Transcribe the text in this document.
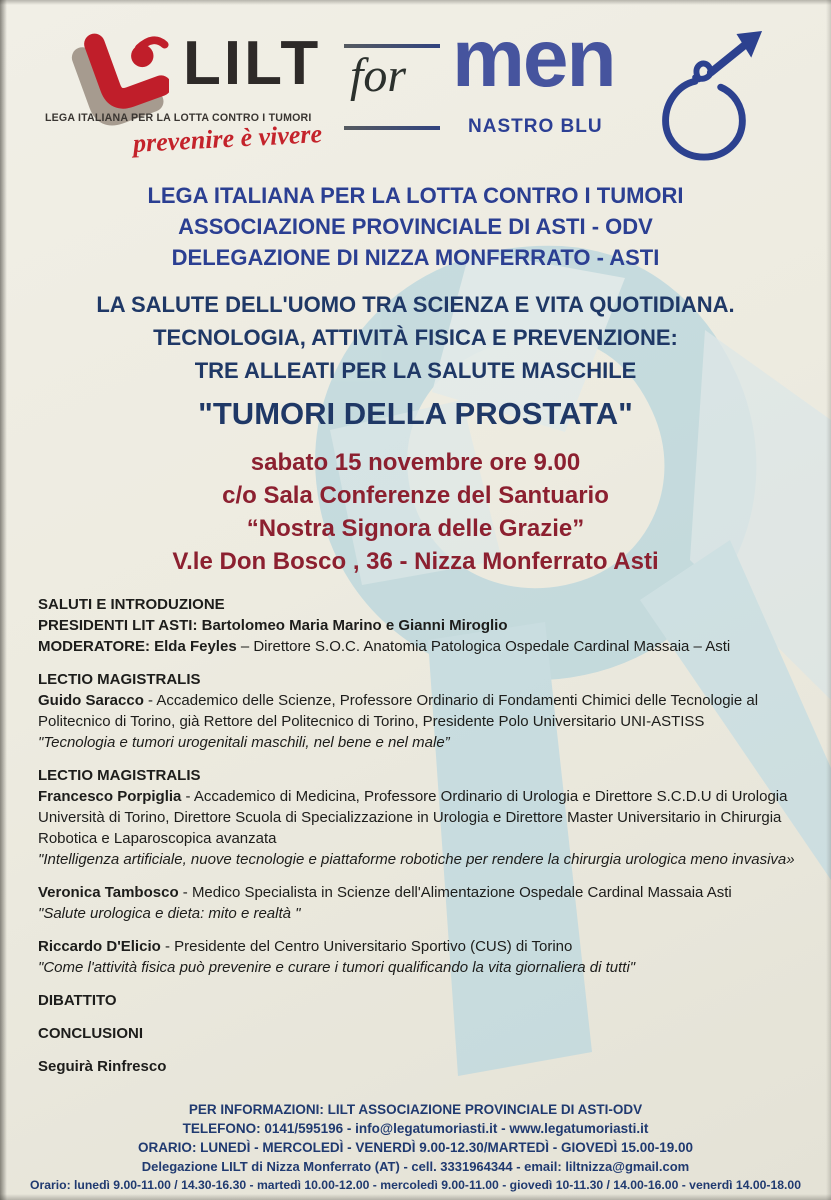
LILT
LEGA ITALIANA PER LA LOTTA CONTRO I TUMORI
prevenire è vivere
for men
NASTRO BLU

LEGA ITALIANA PER LA LOTTA CONTRO I TUMORI

ASSOCIAZIONE PROVINCIALE DI ASTI - ODV

DELEGAZIONE DI NIZZA MONFERRATO - ASTI

LA SALUTE DELL'UOMO TRA SCIENZA E VITA QUOTIDIANA.

TECNOLOGIA, ATTIVITÀ FISICA E PREVENZIONE:

TRE ALLEATI PER LA SALUTE MASCHILE

"TUMORI DELLA PROSTATA"

sabato 15 novembre ore 9.00

c/o Sala Conferenze del Santuario

“Nostra Signora delle Grazie”

V.le Don Bosco , 36 - Nizza Monferrato Asti

SALUTI E INTRODUZIONE

PRESIDENTI LIT ASTI: Bartolomeo Maria Marino e Gianni Miroglio

MODERATORE: Elda Feyles – Direttore S.O.C. Anatomia Patologica Ospedale Cardinal Massaia – Asti

LECTIO MAGISTRALIS

Guido Saracco - Accademico delle Scienze, Professore Ordinario di Fondamenti Chimici delle Tecnologie al Politecnico di Torino, già Rettore del Politecnico di Torino, Presidente Polo Universitario UNI-ASTISS

"Tecnologia e tumori urogenitali maschili, nel bene e nel male”

LECTIO MAGISTRALIS

Francesco Porpiglia - Accademico di Medicina, Professore Ordinario di Urologia e Direttore S.C.D.U di Urologia Università di Torino, Direttore Scuola di Specializzazione in Urologia e Direttore Master Universitario in Chirurgia Robotica e Laparoscopica avanzata

"Intelligenza artificiale, nuove tecnologie e piattaforme robotiche per rendere la chirurgia urologica meno invasiva»

Veronica Tambosco - Medico Specialista in Scienze dell'Alimentazione Ospedale Cardinal Massaia Asti

"Salute urologica e dieta: mito e realtà "

Riccardo D'Elicio - Presidente del Centro Universitario Sportivo (CUS) di Torino

"Come l'attività fisica può prevenire e curare i tumori qualificando la vita giornaliera di tutti"

DIBATTITO

CONCLUSIONI

Seguirà Rinfresco

PER INFORMAZIONI: LILT ASSOCIAZIONE PROVINCIALE DI ASTI-ODV

TELEFONO: 0141/595196 - info@legatumoriasti.it - www.legatumoriasti.it

ORARIO: LUNEDÌ - MERCOLEDÌ - VENERDÌ 9.00-12.30/MARTEDÌ - GIOVEDÌ 15.00-19.00

Delegazione LILT di Nizza Monferrato (AT) - cell. 3331964344 - email: liltnizza@gmail.com

Orario: lunedì 9.00-11.00 / 14.30-16.30 - martedì 10.00-12.00 - mercoledì 9.00-11.00 - giovedì 10-11.30 / 14.00-16.00 - venerdì 14.00-18.00
